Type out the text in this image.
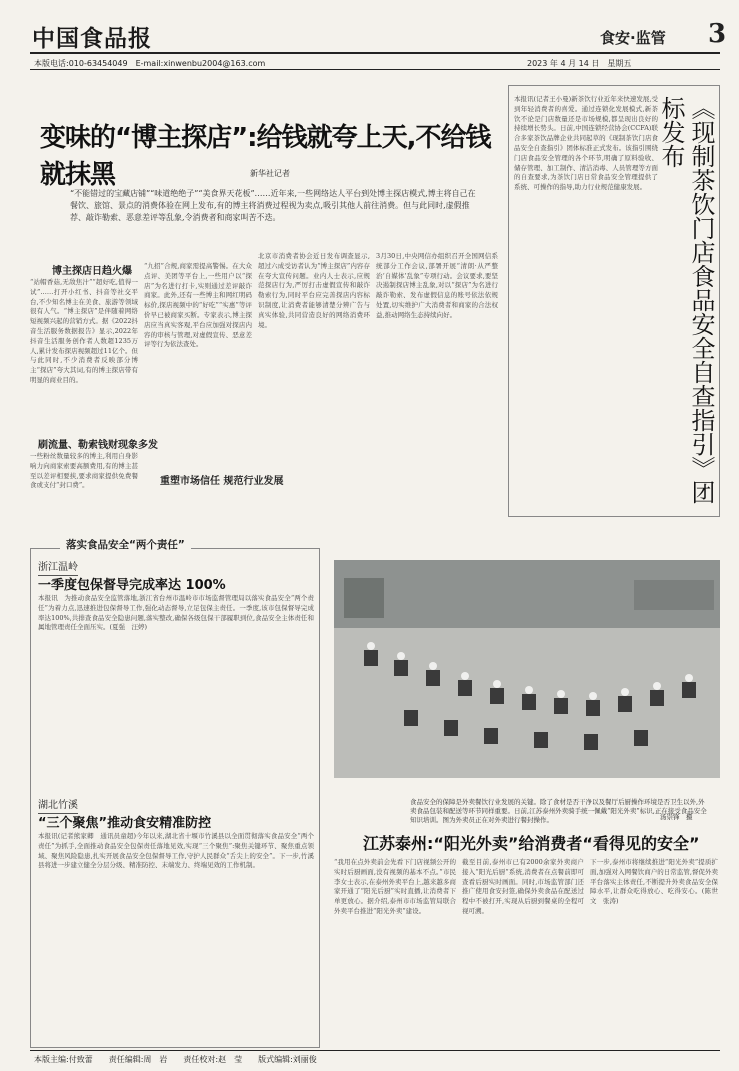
中国食品报	食安·监管 3
本版电话:010-63454049　E-mail:xinwenbu2004@163.com	2023 年 4 月 14 日　星期五
变味的“博主探店”:给钱就夸上天,不给钱就抹黑	新华社记者
“不能错过的宝藏店铺”“味道绝绝子”“美食界天花板”……近年来,一些网络达人平台到处博主探店模式,博主将自己在餐饮、旅馆、景点的消费体验在网上发布,有的博主将消费过程视为卖点,吸引其他人前往消费。但与此同时,虚假推荐、敲诈勒索、恶意差评等乱象,令消费者和商家叫苦不迭。
博主探店日趋火爆
“站帽香菇,无敌焦汁”“超好吃,值得一试”……打开小红书、抖音等社交平台,不少知名博主在美食、旅游等领域很有人气。“博主探店”是伴随着网络短视频兴起的营销方式。据《2022抖音生活服务数据报告》显示,2022年抖音生活服务创作者人数超1235万人,累计发布探店视频超过11亿个。但与此同时,不少消费者反映部分博主“探店”夸大其词,有的博主探店带有明显的商业目的。
刷流量、勒索钱财现象多发
一些粉丝数量较多的博主,利用自身影响力向商家索要高额费用,有的博主甚至以差评相要挟,要求商家提供免费餐食或支付“封口费”。
“九招”合规,商家需提高警惕。在大众点评、美团等平台上,一些用户以“探店”为名进行打卡,实则通过差评敲诈商家。此外,还有一些博主和网红明码标价,探店视频中的“好吃”“实惠”等评价早已被商家买断。专家表示,博主探店应当真实客观,平台应加强对探店内容的审核与管理,对虚假宣传、恶意差评等行为依法查处。
重塑市场信任 规范行业发展
北京市消费者协会近日发布调查显示,超过六成受访者认为“博主探店”内容存在夸大宣传问题。业内人士表示,应规范探店行为,严厉打击虚假宣传和敲诈勒索行为,同时平台应完善探店内容标识制度,让消费者能够清楚分辨广告与真实体验,共同营造良好的网络消费环境。
3月30日,中央网信办组织召开全国网信系统部分工作会议,部署开展“清朗·从严整治‘自媒体’乱象”专项行动。会议要求,要坚决遏制探店博主乱象,对以“探店”为名进行敲诈勒索、发布虚假信息的账号依法依规处置,切实维护广大消费者和商家的合法权益,推动网络生态持续向好。
本报讯(记者王小曼)新茶饮行业近年来快速发展,受到年轻消费者的喜爱。通过连锁化发展模式,新茶饮不论是门店数量还是市场规模,都呈现出良好的持续增长势头。日前,中国连锁经营协会(CCFA)联合多家茶饮品牌企业共同起草的《现制茶饮门店食品安全自查指引》团体标准正式发布。该指引围绕门店食品安全管理的各个环节,明确了原料验收、储存管理、加工制作、清洁消毒、人员管理等方面的自查要求,为茶饮门店日常食品安全管理提供了系统、可操作的指导,助力行业规范健康发展。	《现制茶饮门店食品安全自查指引》团标发布
落实食品安全“两个责任”
浙江温岭
一季度包保督导完成率达 100%
本报讯　为推动食品安全监管落地,浙江省台州市温岭市市场监督管理局以落实食品安全“两个责任”为着力点,迅速推进包保督导工作,强化动态督导,立足包保主责任。一季度,该市包保督导完成率达100%,共排查食品安全隐患问题,落实整改,确保各级包保干部履职到位,食品安全主体责任和属地管理责任全面压实。(夏强　汪婷)
湖北竹溪
“三个聚焦”推动食安精准防控
本报讯(记者熊家卿　通讯员童超)今年以来,湖北省十堰市竹溪县以全面贯彻落实食品安全“两个责任”为抓手,全面推动食品安全包保责任落地见效,实现“三个聚焦”:聚焦关键环节、聚焦重点领域、聚焦风险隐患,扎实开展食品安全包保督导工作,守护人民群众“舌尖上的安全”。下一步,竹溪县将进一步建立健全分层分级、精准防控、末端发力、终端见效的工作机制。
食品安全的保障是外卖餐饮行业发展的关键。除了食材是否干净以及餐厅后厨操作环境是否卫生以外,外卖食品包装和配送等环节同样重要。日前,江苏泰州外卖骑手统一佩戴“阳光外卖”标识,正在接受食品安全知识培训。图为外卖员正在对外卖进行餐封操作。	汤崇锋　摄
江苏泰州:“阳光外卖”给消费者“看得见的安全”
“我用在点外卖前会先看下门店视频公开的实时后厨画面,没有视频的基本不点。”市民李女士表示,在泰州外卖平台上,越来越多商家开通了“阳光后厨”实时直播,让消费者下单更放心。据介绍,泰州市市场监管局联合外卖平台推进“阳光外卖”建设。
截至目前,泰州市已有2000余家外卖商户接入“阳光后厨”系统,消费者在点餐前即可查看后厨实时画面。同时,市场监管部门还推广使用食安封签,确保外卖食品在配送过程中不被打开,实现从后厨到餐桌的全程可视可溯。
下一步,泰州市将继续推进“阳光外卖”提质扩面,加强对入网餐饮商户的日常监管,督促外卖平台落实主体责任,不断提升外卖食品安全保障水平,让群众吃得放心、吃得安心。(陈世文　张涛)
本版主编:付致蕾　　责任编辑:周　岩　　责任校对:赵　莹　　版式编辑:刘丽俊
